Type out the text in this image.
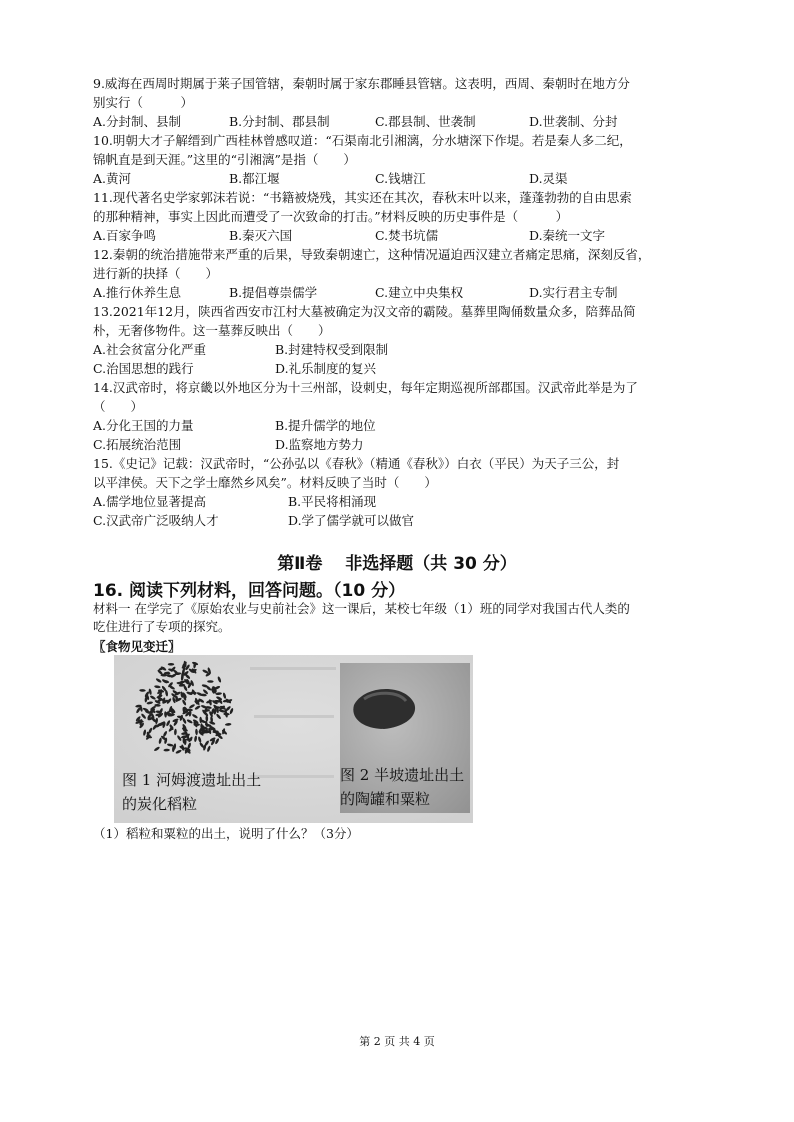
9.威海在西周时期属于莱子国管辖，秦朝时属于家东郡睡县管辖。这表明，西周、秦朝时在地方分
别实行（　　　）
A.分封制、县制	B.分封制、郡县制	C.郡县制、世袭制	D.世袭制、分封
10.明朝大才子解缙到广西桂林曾感叹道：“石渠南北引湘漓，分水塘深下作堤。若是秦人多二纪，
锦帆直是到天涯。”这里的“引湘漓”是指（　　）
A.黄河	B.都江堰	C.钱塘江	D.灵渠
11.现代著名史学家郭沫若说：“书籍被烧残，其实还在其次，春秋末叶以来，蓬蓬勃勃的自由思索
的那种精神，事实上因此而遭受了一次致命的打击。”材料反映的历史事件是（　　　）
A.百家争鸣	B.秦灭六国	C.焚书坑儒	D.秦统一文字
12.秦朝的统治措施带来严重的后果，导致秦朝速亡，这种情况逼迫西汉建立者痛定思痛，深刻反省，
进行新的抉择（　　）
A.推行休养生息	B.提倡尊崇儒学	C.建立中央集权	D.实行君主专制
13.2021年12月，陕西省西安市江村大墓被确定为汉文帝的霸陵。墓葬里陶俑数量众多，陪葬品简
朴，无奢侈物件。这一墓葬反映出（　　）
A.社会贫富分化严重	B.封建特权受到限制
C.治国思想的践行	D.礼乐制度的复兴
14.汉武帝时，将京畿以外地区分为十三州部，设刺史，每年定期巡视所部郡国。汉武帝此举是为了
（　　）
A.分化王国的力量	B.提升儒学的地位
C.拓展统治范围	D.监察地方势力
15.《史记》记载：汉武帝时，“公孙弘以《春秋》（精通《春秋》）白衣（平民）为天子三公，封
以平津侯。天下之学士靡然乡风矣”。材料反映了当时（　　）
A.儒学地位显著提高	B.平民将相涌现
C.汉武帝广泛吸纳人才	D.学了儒学就可以做官
第Ⅱ卷　 非选择题（共 30 分）
16. 阅读下列材料，回答问题。（10 分）
材料一 在学完了《原始农业与史前社会》这一课后，某校七年级（1）班的同学对我国古代人类的
吃住进行了专项的探究。
〖食物见变迁〗
图 1 河姆渡遗址出土
的炭化稻粒
图 2 半坡遗址出土
的陶罐和粟粒
（1）稻粒和粟粒的出土，说明了什么？（3分）
第 2 页 共 4 页
